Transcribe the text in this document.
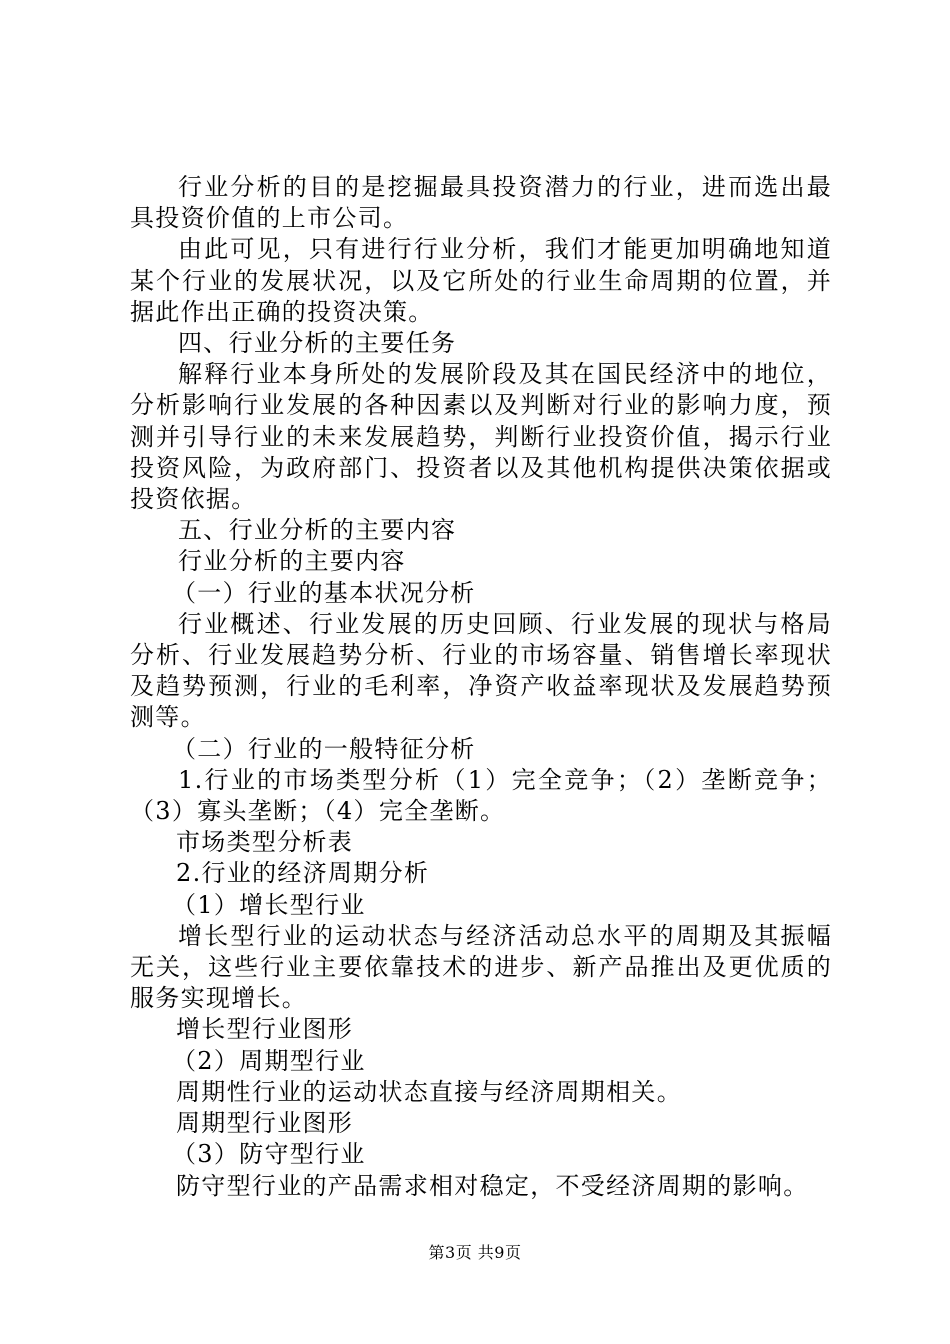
行业分析的目的是挖掘最具投资潜力的行业，进而选出最具投资价值的上市公司。

由此可见，只有进行行业分析，我们才能更加明确地知道某个行业的发展状况，以及它所处的行业生命周期的位置，并据此作出正确的投资决策。

四、行业分析的主要任务

解释行业本身所处的发展阶段及其在国民经济中的地位，分析影响行业发展的各种因素以及判断对行业的影响力度，预测并引导行业的未来发展趋势，判断行业投资价值，揭示行业投资风险，为政府部门、投资者以及其他机构提供决策依据或投资依据。

五、行业分析的主要内容

行业分析的主要内容

（一）行业的基本状况分析

行业概述、行业发展的历史回顾、行业发展的现状与格局分析、行业发展趋势分析、行业的市场容量、销售增长率现状及趋势预测，行业的毛利率，净资产收益率现状及发展趋势预测等。

（二）行业的一般特征分析

1.行业的市场类型分析（1）完全竞争；（2）垄断竞争；（3）寡头垄断；（4）完全垄断。

市场类型分析表

2.行业的经济周期分析

（1）增长型行业

增长型行业的运动状态与经济活动总水平的周期及其振幅无关，这些行业主要依靠技术的进步、新产品推出及更优质的服务实现增长。

增长型行业图形

（2）周期型行业

周期性行业的运动状态直接与经济周期相关。

周期型行业图形

（3）防守型行业

防守型行业的产品需求相对稳定，不受经济周期的影响。

第3页 共9页
